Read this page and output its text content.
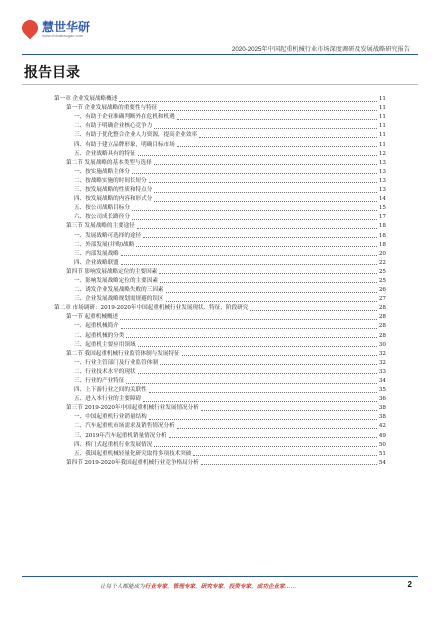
慧世华研
www.chinabaogao.com
2020-2025年中国起重机械行业市场深度调研及发展战略研究报告
报告目录
第一章 企业发展战略概述	11
第一节 企业发展战略的重要性与特征	11
一、有助于企业准确判断外在危机和机遇	11
二、有助于明确企业核心竞争力	11
三、有助于优化整合企业人力资源，提高企业效率	11
四、有助于建立品牌形象，明确目标市场	11
五、企业战略具有的特征	12
第二节 发展战略的基本类型与选择	13
一、按实施战略主体分	13
二、按战略实施的时间长短分	13
三、按发展战略的性质和特点分	13
四、按发展战略的内容和形式分	14
五、按公司战略目标分	15
六、按公司成长路径分	17
第三节 发展战略的主要途径	18
一、发展战略可选择的途径	18
二、外部发展(并购)战略	18
三、内部发展战略	20
四、企业战略联盟	22
第四节 影响发展战略定位的主要因素	25
一、影响发展战略定位的主要因素	25
二、诱发企业发展战略失败的三因素	26
三、企业发展战略规划需规避的误区	27
第二章 市场调研：2019-2020年中国起重机械行业发展现状、特征、阶段研究	28
第一节 起重机械概述	28
一、起重机械简介	28
二、起重机械的分类	28
三、起重机主要应用领域	30
第二节 我国起重机械行业监管体制与发展特征	32
一、行业主管部门及行业监管体制	32
二、行业技术水平的现状	33
三、行业的产业特征	34
四、上下游行业之间的关联性	35
五、进入本行业的主要障碍	36
第三节 2019-2020年中国起重机械行业发展情况分析	38
一、中国起重机行业销量结构	38
二、汽车起重机市场需求及销售情况分析	42
三、2019年汽车起重机销量情况分析	49
四、桥门式起重机行业发展情况	50
五、我国起重机械轻量化研究取得多项技术突破	51
第四节 2019-2020年我国起重机械行业竞争格局分析	54
让每个人都能成为行业专家，管理专家，研究专家，投资专家，成功企业家……	2
